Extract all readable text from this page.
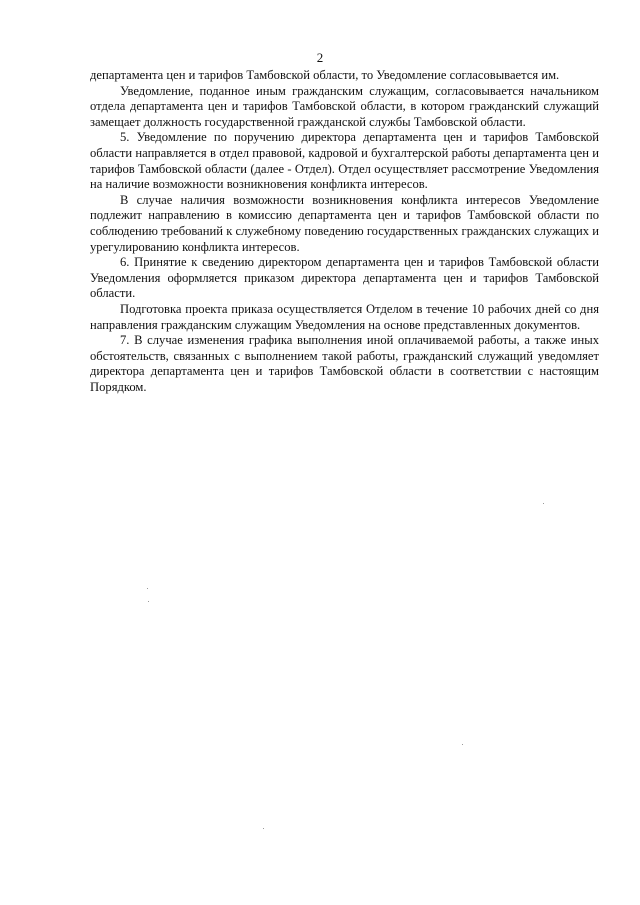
2

департамента цен и тарифов Тамбовской области, то Уведомление согласовывается им.

Уведомление, поданное иным гражданским служащим, согласовывается начальником отдела департамента цен и тарифов Тамбовской области, в котором гражданский служащий замещает должность государственной гражданской службы Тамбовской области.

5. Уведомление по поручению директора департамента цен и тарифов Тамбовской области направляется в отдел правовой, кадровой и бухгалтерской работы департамента цен и тарифов Тамбовской области (далее - Отдел). Отдел осуществляет рассмотрение Уведомления на наличие возможности возникновения конфликта интересов.

В случае наличия возможности возникновения конфликта интересов Уведомление подлежит направлению в комиссию департамента цен и тарифов Тамбовской области по соблюдению требований к служебному поведению государственных гражданских служащих и урегулированию конфликта интересов.

6. Принятие к сведению директором департамента цен и тарифов Тамбовской области Уведомления оформляется приказом директора департамента цен и тарифов Тамбовской области.

Подготовка проекта приказа осуществляется Отделом в течение 10 рабочих дней со дня направления гражданским служащим Уведомления на основе представленных документов.

7. В случае изменения графика выполнения иной оплачиваемой работы, а также иных обстоятельств, связанных с выполнением такой работы, гражданский служащий уведомляет директора департамента цен и тарифов Тамбовской области в соответствии с настоящим Порядком.
